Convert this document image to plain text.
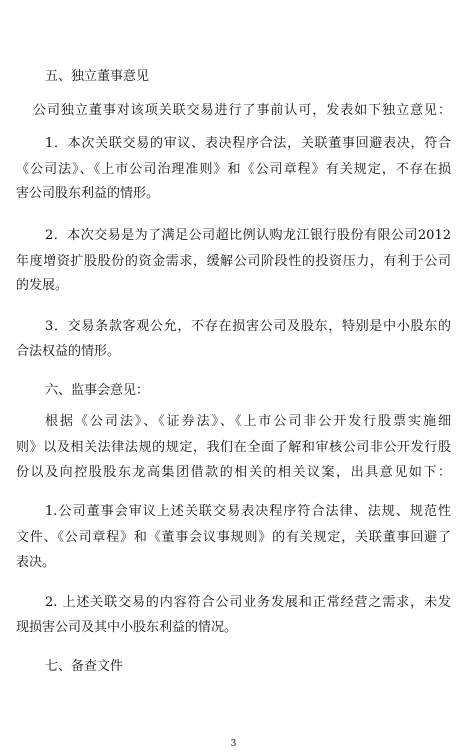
五、独立董事意见
公司独立董事对该项关联交易进行了事前认可，发表如下独立意见：
1．本次关联交易的审议、表决程序合法，关联董事回避表决，符合
《公司法》、《上市公司治理准则》和《公司章程》有关规定，不存在损
害公司股东利益的情形。
2．本次交易是为了满足公司超比例认购龙江银行股份有限公司2012
年度增资扩股股份的资金需求，缓解公司阶段性的投资压力，有利于公司
的发展。
3．交易条款客观公允，不存在损害公司及股东，特别是中小股东的
合法权益的情形。
六、监事会意见：
根据《公司法》、《证券法》、《上市公司非公开发行股票实施细
则》以及相关法律法规的规定，我们在全面了解和审核公司非公开发行股
份以及向控股股东龙高集团借款的相关的相关议案，出具意见如下：
1.公司董事会审议上述关联交易表决程序符合法律、法规、规范性
文件、《公司章程》和《董事会议事规则》的有关规定，关联董事回避了
表决。
2. 上述关联交易的内容符合公司业务发展和正常经营之需求，未发
现损害公司及其中小股东利益的情况。
七、备查文件
3
